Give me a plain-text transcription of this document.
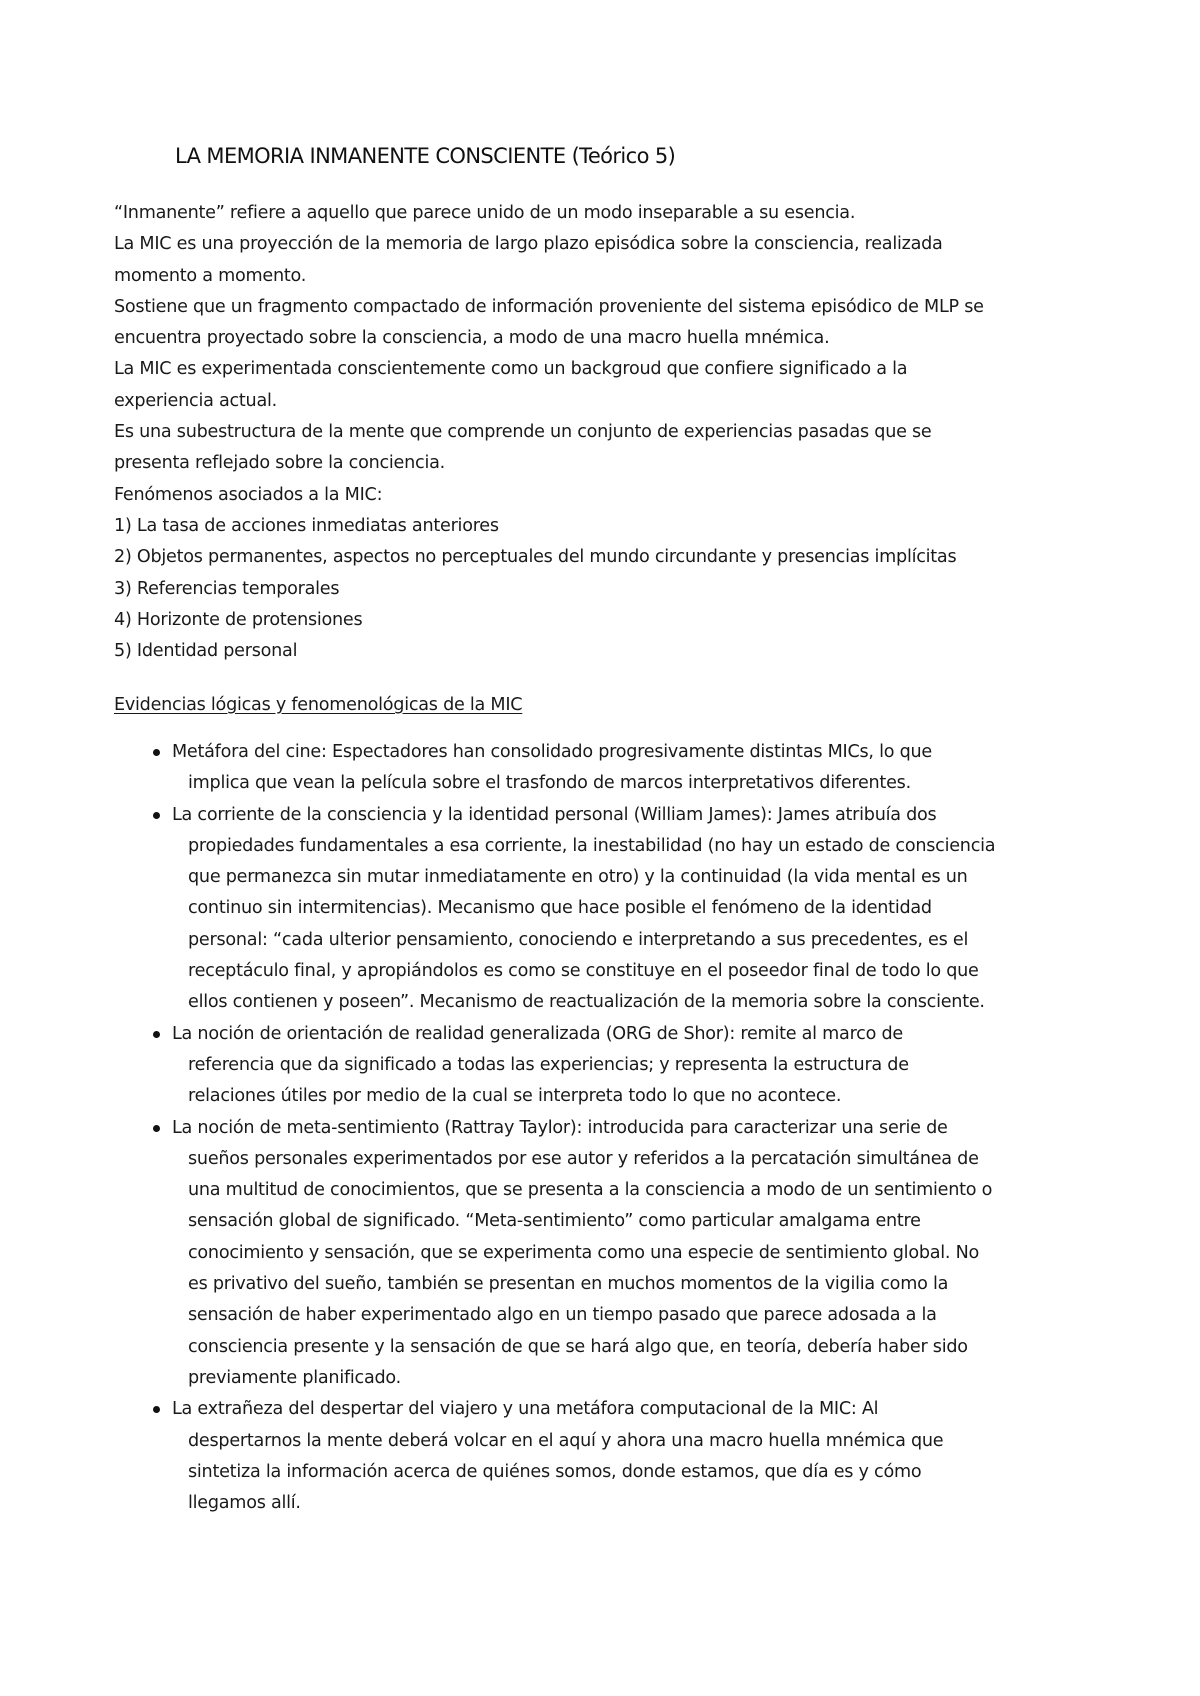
LA MEMORIA INMANENTE CONSCIENTE (Teórico 5)
“Inmanente” refiere a aquello que parece unido de un modo inseparable a su esencia.
La MIC es una proyección de la memoria de largo plazo episódica sobre la consciencia, realizada
momento a momento.
Sostiene que un fragmento compactado de información proveniente del sistema episódico de MLP se
encuentra proyectado sobre la consciencia, a modo de una macro huella mnémica.
La MIC es experimentada conscientemente como un backgroud que confiere significado a la
experiencia actual.
Es una subestructura de la mente que comprende un conjunto de experiencias pasadas que se
presenta reflejado sobre la conciencia.
Fenómenos asociados a la MIC:
1) La tasa de acciones inmediatas anteriores
2) Objetos permanentes, aspectos no perceptuales del mundo circundante y presencias implícitas
3) Referencias temporales
4) Horizonte de protensiones
5) Identidad personal
Evidencias lógicas y fenomenológicas de la MIC
Metáfora del cine: Espectadores han consolidado progresivamente distintas MICs, lo que
implica que vean la película sobre el trasfondo de marcos interpretativos diferentes.
La corriente de la consciencia y la identidad personal (William James): James atribuía dos
propiedades fundamentales a esa corriente, la inestabilidad (no hay un estado de consciencia
que permanezca sin mutar inmediatamente en otro) y la continuidad (la vida mental es un
continuo sin intermitencias). Mecanismo que hace posible el fenómeno de la identidad
personal: “cada ulterior pensamiento, conociendo e interpretando a sus precedentes, es el
receptáculo final, y apropiándolos es como se constituye en el poseedor final de todo lo que
ellos contienen y poseen”. Mecanismo de reactualización de la memoria sobre la consciente.
La noción de orientación de realidad generalizada (ORG de Shor): remite al marco de
referencia que da significado a todas las experiencias; y representa la estructura de
relaciones útiles por medio de la cual se interpreta todo lo que no acontece.
La noción de meta-sentimiento (Rattray Taylor): introducida para caracterizar una serie de
sueños personales experimentados por ese autor y referidos a la percatación simultánea de
una multitud de conocimientos, que se presenta a la consciencia a modo de un sentimiento o
sensación global de significado. “Meta-sentimiento” como particular amalgama entre
conocimiento y sensación, que se experimenta como una especie de sentimiento global. No
es privativo del sueño, también se presentan en muchos momentos de la vigilia como la
sensación de haber experimentado algo en un tiempo pasado que parece adosada a la
consciencia presente y la sensación de que se hará algo que, en teoría, debería haber sido
previamente planificado.
La extrañeza del despertar del viajero y una metáfora computacional de la MIC: Al
despertarnos la mente deberá volcar en el aquí y ahora una macro huella mnémica que
sintetiza la información acerca de quiénes somos, donde estamos, que día es y cómo
llegamos allí.
